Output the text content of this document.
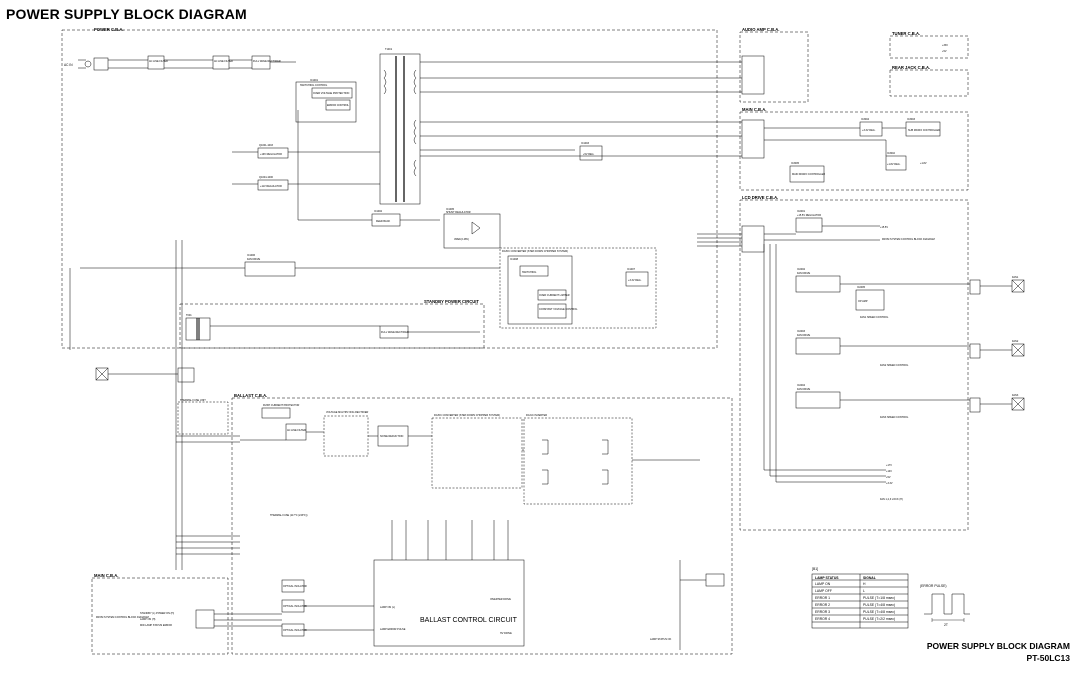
POWER SUPPLY BLOCK DIAGRAM
POWER C.B.A.
AC IN
AC LINE FILTER	AC LINE FILTER	FULL WAVE RECTIFIER
IC1001
SWITCHING CONTROL
OVER VOLTAGE PROTECTION
ERROR CONTROL
T1001
Q1001-1003
+19V REGULATOR
Q1004-1006
+11V REGULATOR
IC1003
+5V REG.
IC1002
FEED BACK
IC1005
SHUNT REGULATOR
VREF(2.48V)
IC1006
FAN DRIVE
DC/DC CONVERTER (STEP-DOWN CHOPPER SYSTEM)
IC1008
SWITCHING
OVER CURRENT LIMITER
CONSTANT VOLTAGE CONTROL
IC1007
+3.3V REG.
STANDBY POWER CIRCUIT
T001
FULL WAVE RECTIFIER
AUDIO AMP C.B.A.
TUNER C.B.A.
+33V
+5V
REAR JACK C.B.A.
MAIN C.B.A.
IC3004
+3.3V REG.
IC3003
SUB MICRO CONTROLLER
IC3010
+1.8V REG.
IC3005
MAIN MICRO CONTROLLER
+1.8V
LCD DRIVE C.B.A.
IC2001
+15.5V REGULATOR
+15.5V
FROM SYSTEM CONTROL BLOCK DIAGRAM
IC2002
FAN DRIVE
IC2005
OP AMP
FAN1 SPEED CONTROL
IC2003
FAN DRIVE
FAN2 SPEED CONTROL
IC2004
FAN DRIVE
FAN3 SPEED CONTROL
FAN1
FAN2
FAN3
FAN 1,2,3 LOCK (H)
+17V
+14V
+5V
+3.3V
BALLAST C.B.A.
THERMAL FUSE UNIT
RUSH CURRENT PROTECTOR
AC LINE FILTER
VOLTAGE MULTIPLYING RECTIFIER
NOISE REDUCTION
DC/DC CONVERTER (STEP-DOWN CHOPPER SYSTEM)	DC/AC INVERTER
THERMAL FUSE (117°C (243°F))
BALLAST CONTROL CIRCUIT
LAMP ON (L)
LAMP ERROR PULSE
INVERTER DRIVE
HV DRIVE
OPTICAL ISOLATOR
OPTICAL ISOLATOR
OPTICAL ISOLATOR
LAMP STATUS OK
MAIN C.B.A.
FROM SYSTEM CONTROL BLOCK DIAGRAM
STANDBY (L) POWER ON (H)
LAMP ON (H)
MID LAMP STATUS ERROR
[B1]
LAMP STATUS	SIGNAL
LAMP ON	H
LAMP OFF	L
ERROR 1	PULSE (T=1/8 msec)
ERROR 2	PULSE (T=4/8 msec)
ERROR 3	PULSE (T=4/8 msec)
ERROR 4	PULSE (T=2/2 msec)
(ERROR PULSE)
2T
POWER SUPPLY BLOCK DIAGRAM
PT-50LC13
